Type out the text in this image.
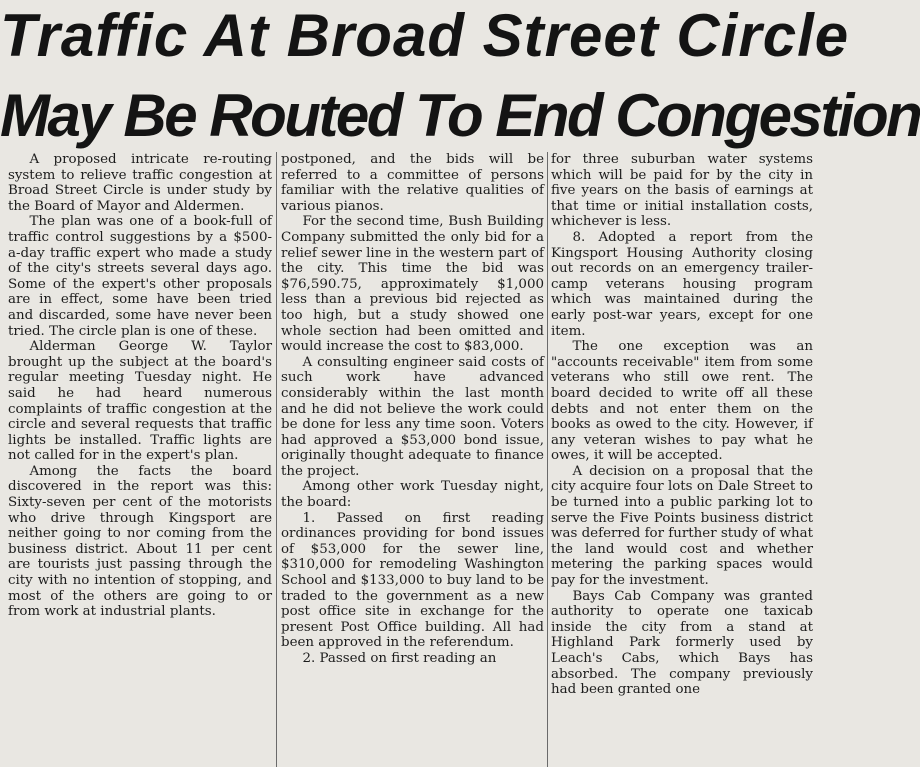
Traffic At Broad Street Circle
May Be Routed To End Congestion

A proposed intricate re-routing system to relieve traffic congestion at Broad Street Circle is under study by the Board of Mayor and Aldermen.

The plan was one of a book-full of traffic control suggestions by a $500-a-day traffic expert who made a study of the city's streets several days ago. Some of the expert's other proposals are in effect, some have been tried and discarded, some have never been tried. The circle plan is one of these.

Alderman George W. Taylor brought up the subject at the board's regular meeting Tuesday night. He said he had heard numerous complaints of traffic congestion at the circle and several requests that traffic lights be installed. Traffic lights are not called for in the expert's plan.

Among the facts the board discovered in the report was this: Sixty-seven per cent of the motorists who drive through Kingsport are neither going to nor coming from the business district. About 11 per cent are tourists just passing through the city with no intention of stopping, and most of the others are going to or from work at industrial plants.

postponed, and the bids will be referred to a committee of persons familiar with the relative qualities of various pianos.

For the second time, Bush Building Company submitted the only bid for a relief sewer line in the western part of the city. This time the bid was $76,590.75, approximately $1,000 less than a previous bid rejected as too high, but a study showed one whole section had been omitted and would increase the cost to $83,000.

A consulting engineer said costs of such work have advanced considerably within the last month and he did not believe the work could be done for less any time soon. Voters had approved a $53,000 bond issue, originally thought adequate to finance the project.

Among other work Tuesday night, the board:

1. Passed on first reading ordinances providing for bond issues of $53,000 for the sewer line, $310,000 for remodeling Washington School and $133,000 to buy land to be traded to the government as a new post office site in exchange for the present Post Office building. All had been approved in the referendum.

2. Passed on first reading an

for three suburban water systems which will be paid for by the city in five years on the basis of earnings at that time or initial installation costs, whichever is less.

8. Adopted a report from the Kingsport Housing Authority closing out records on an emergency trailer-camp veterans housing program which was maintained during the early post-war years, except for one item.

The one exception was an "accounts receivable" item from some veterans who still owe rent. The board decided to write off all these debts and not enter them on the books as owed to the city. However, if any veteran wishes to pay what he owes, it will be accepted.

A decision on a proposal that the city acquire four lots on Dale Street to be turned into a public parking lot to serve the Five Points business district was deferred for further study of what the land would cost and whether metering the parking spaces would pay for the investment.

Bays Cab Company was granted authority to operate one taxicab inside the city from a stand at Highland Park formerly used by Leach's Cabs, which Bays has absorbed. The company previously had been granted one
